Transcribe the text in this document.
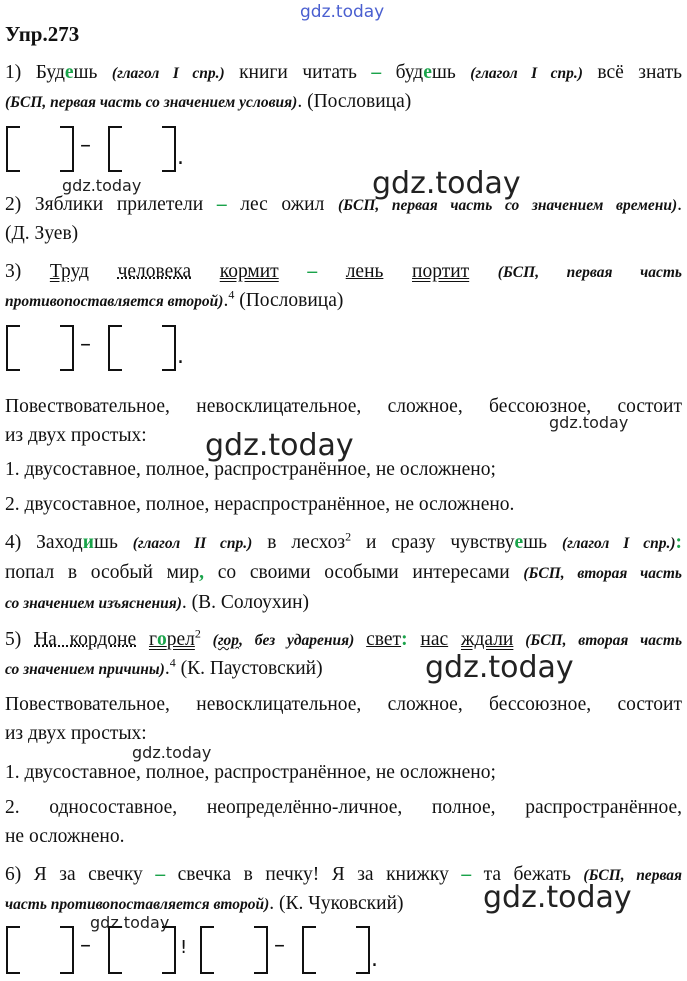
gdz.today
gdz.today	gdz.today
gdz.today
gdz.today
gdz.today
gdz.today
gdz.today
gdz.today
Упр.273
1) Будешь (глагол I спр.) книги читать – будешь (глагол I спр.) всё знать
(БСП, первая часть со значением условия). (Пословица)
–	.
2) Зяблики прилетели – лес ожил (БСП, первая часть со значением времени).
(Д. Зуев)
3) Труд человека кормит – лень портит (БСП, первая часть
противопоставляется второй).$^4$ (Пословица)
–	.
Повествовательное, невосклицательное, сложное, бессоюзное, состоит
из двух простых:
1. двусоставное, полное, распространённое, не осложнено;
2. двусоставное, полное, нераспространённое, не осложнено.
4) Заходишь (глагол II спр.) в лесхоз$^2$ и сразу чувствуешь (глагол I спр.):
попал в особый мир, со своими особыми интересами (БСП, вторая часть
со значением изъяснения). (В. Солоухин)
5) На кордоне горел$^2$ (гор, без ударения) свет: нас ждали (БСП, вторая часть
со значением причины).$^4$ (К. Паустовский)
Повествовательное, невосклицательное, сложное, бессоюзное, состоит
из двух простых:
1. двусоставное, полное, распространённое, не осложнено;
2. односоставное, неопределённо-личное, полное, распространённое,
не осложнено.
6) Я за свечку – свечка в печку! Я за книжку – та бежать (БСП, первая
часть противопоставляется второй). (К. Чуковский)
–	!	–
.
